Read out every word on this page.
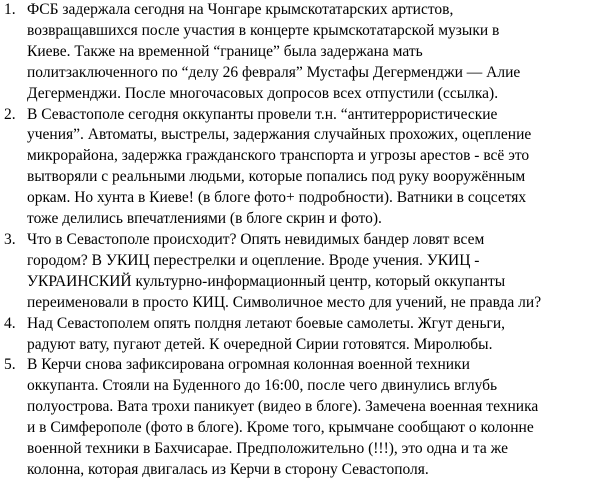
1. ФСБ задержала сегодня на Чонгаре крымскотатарских артистов,
возвращавшихся после участия в концерте крымскотатарской музыки в
Киеве. Также на временной “границе” была задержана мать
политзаключенного по “делу 26 февраля” Мустафы Дегерменджи — Алие
Дегерменджи. После многочасовых допросов всех отпустили (ссылка).
2. В Севастополе сегодня оккупанты провели т.н. “антитеррористические
учения”. Автоматы, выстрелы, задержания случайных прохожих, оцепление
микрорайона, задержка гражданского транспорта и угрозы арестов - всё это
вытворяли с реальными людьми, которые попались под руку вооружённым
оркам. Но хунта в Киеве! (в блоге фото+ подробности). Ватники в соцсетях
тоже делились впечатлениями (в блоге скрин и фото).
3. Что в Севастополе происходит? Опять невидимых бандер ловят всем
городом? В УКИЦ перестрелки и оцепление. Вроде учения. УКИЦ -
УКРАИНСКИЙ культурно-информационный центр, который оккупанты
переименовали в просто КИЦ. Символичное место для учений, не правда ли?
4. Над Севастополем опять полдня летают боевые самолеты. Жгут деньги,
радуют вату, пугают детей. К очередной Сирии готовятся. Миролюбы.
5. В Керчи снова зафиксирована огромная колонная военной техники
оккупанта. Стояли на Буденного до 16:00, после чего двинулись вглубь
полуострова. Вата трохи паникует (видео в блоге). Замечена военная техника
и в Симферополе (фото в блоге). Кроме того, крымчане сообщают о колонне
военной техники в Бахчисарае. Предположительно (!!!), это одна и та же
колонна, которая двигалась из Керчи в сторону Севастополя.
